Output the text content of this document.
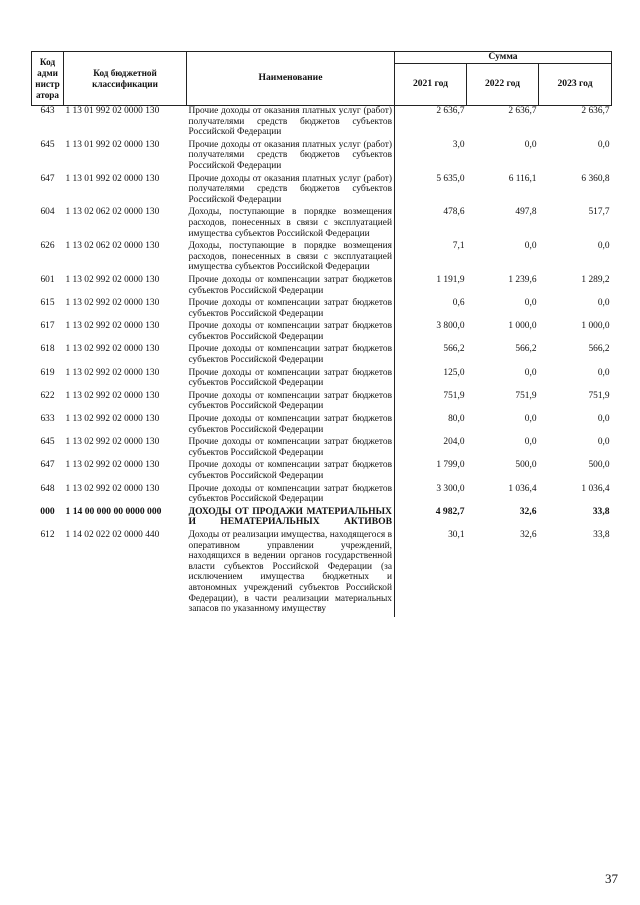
Код адми нистр атора	Код бюджетной классификации	Наименование	Сумма		
			2021 год	2022 год	2023 год
643	1 13 01 992 02 0000 130	Прочие доходы от оказания платных услуг (работ) получателями средств бюджетов субъектов Российской Федерации	2 636,7	2 636,7	2 636,7
645	1 13 01 992 02 0000 130	Прочие доходы от оказания платных услуг (работ) получателями средств бюджетов субъектов Российской Федерации	3,0	0,0	0,0
647	1 13 01 992 02 0000 130	Прочие доходы от оказания платных услуг (работ) получателями средств бюджетов субъектов Российской Федерации	5 635,0	6 116,1	6 360,8
604	1 13 02 062 02 0000 130	Доходы, поступающие в порядке возмещения расходов, понесенных в связи с эксплуатацией имущества субъектов Российской Федерации	478,6	497,8	517,7
626	1 13 02 062 02 0000 130	Доходы, поступающие в порядке возмещения расходов, понесенных в связи с эксплуатацией имущества субъектов Российской Федерации	7,1	0,0	0,0
601	1 13 02 992 02 0000 130	Прочие доходы от компенсации затрат бюджетов субъектов Российской Федерации	1 191,9	1 239,6	1 289,2
615	1 13 02 992 02 0000 130	Прочие доходы от компенсации затрат бюджетов субъектов Российской Федерации	0,6	0,0	0,0
617	1 13 02 992 02 0000 130	Прочие доходы от компенсации затрат бюджетов субъектов Российской Федерации	3 800,0	1 000,0	1 000,0
618	1 13 02 992 02 0000 130	Прочие доходы от компенсации затрат бюджетов субъектов Российской Федерации	566,2	566,2	566,2
619	1 13 02 992 02 0000 130	Прочие доходы от компенсации затрат бюджетов субъектов Российской Федерации	125,0	0,0	0,0
622	1 13 02 992 02 0000 130	Прочие доходы от компенсации затрат бюджетов субъектов Российской Федерации	751,9	751,9	751,9
633	1 13 02 992 02 0000 130	Прочие доходы от компенсации затрат бюджетов субъектов Российской Федерации	80,0	0,0	0,0
645	1 13 02 992 02 0000 130	Прочие доходы от компенсации затрат бюджетов субъектов Российской Федерации	204,0	0,0	0,0
647	1 13 02 992 02 0000 130	Прочие доходы от компенсации затрат бюджетов субъектов Российской Федерации	1 799,0	500,0	500,0
648	1 13 02 992 02 0000 130	Прочие доходы от компенсации затрат бюджетов субъектов Российской Федерации	3 300,0	1 036,4	1 036,4
000	1 14 00 000 00 0000 000	ДОХОДЫ ОТ ПРОДАЖИ МАТЕРИАЛЬНЫХ И НЕМАТЕРИАЛЬНЫХ АКТИВОВ	4 982,7	32,6	33,8
612	1 14 02 022 02 0000 440	Доходы от реализации имущества, находящегося в оперативном управлении учреждений, находящихся в ведении органов государственной власти субъектов Российской Федерации (за исключением имущества бюджетных и автономных учреждений субъектов Российской Федерации), в части реализации материальных запасов по указанному имуществу	30,1	32,6	33,8
37
